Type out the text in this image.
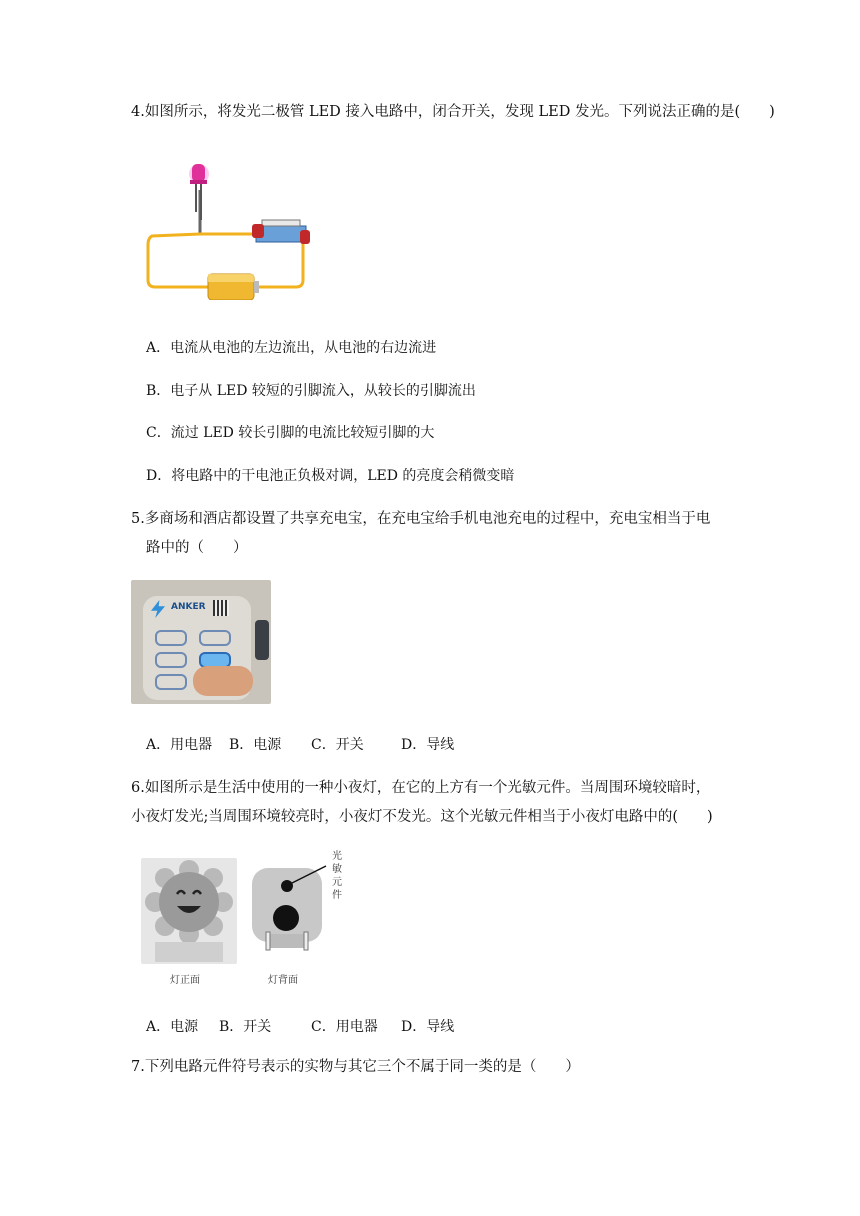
4.如图所示，将发光二极管 LED 接入电路中，闭合开关，发现 LED 发光。下列说法正确的是(　　)
A．电流从电池的左边流出，从电池的右边流进
B．电子从 LED 较短的引脚流入，从较长的引脚流出
C．流过 LED 较长引脚的电流比较短引脚的大
D．将电路中的干电池正负极对调，LED 的亮度会稍微变暗
5.多商场和酒店都设置了共享充电宝，在充电宝给手机电池充电的过程中，充电宝相当于电
路中的（　　）
ANKER
A．用电器 B．电源 C．开关	D．导线
6.如图所示是生活中使用的一种小夜灯，在它的上方有一个光敏元件。当周围环境较暗时，
小夜灯发光;当周围环境较亮时，小夜灯不发光。这个光敏元件相当于小夜灯电路中的(　　)
光
敏
元
件
灯正面	灯背面
A．电源 B．开关	C．用电器 D．导线
7.下列电路元件符号表示的实物与其它三个不属于同一类的是（　　）
